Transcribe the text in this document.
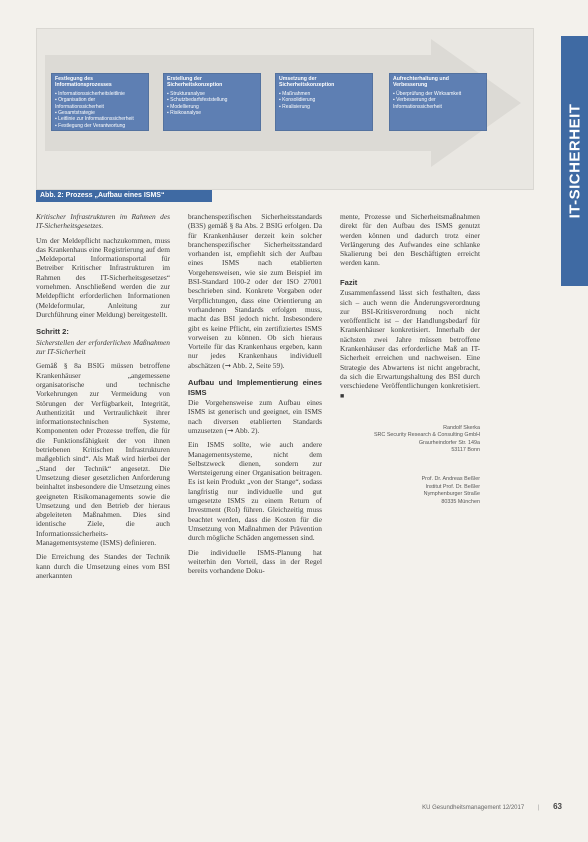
Festlegung des Informationsprozesses
▪ Informationssicherheitsleitlinie
▪ Organisation der Informationssicherheit
▪ Gesamtstrategie
▪ Leitlinie zur Informationssicherheit
▪ Festlegung der Verantwortung
Erstellung der Sicherheitskonzeption
▪ Strukturanalyse
▪ Schutzbedarfsfeststellung
▪ Modellierung
▪ Risikoanalyse
Umsetzung der Sicherheitskonzeption
▪ Maßnahmen
▪ Konsolidierung
▪ Realisierung
Aufrechterhaltung und Verbesserung
▪ Überprüfung der Wirksamkeit
▪ Verbesserung der Informationssicherheit
Abb. 2: Prozess „Aufbau eines ISMS“	IT-SICHERHEIT

Kritischer Infrastrukturen im Rahmen des IT-Sicherheitsgesetzes.

Um der Meldepflicht nachzukommen, muss das Krankenhaus eine Registrierung auf dem „Meldeportal Informationsportal für Betreiber Kritischer Infrastrukturen im Rahmen des IT-Sicherheitsgesetzes“ vornehmen. Anschließend werden die zur Meldepflicht erforderlichen Informationen (Meldeformular, Anleitung zur Durchführung einer Meldung) bereitgestellt.

Schritt 2:

Sicherstellen der erforderlichen Maßnahmen zur IT-Sicherheit

Gemäß § 8a BSIG müssen betroffene Krankenhäuser „angemessene organisatorische und technische Vorkehrungen zur Vermeidung von Störungen der Verfügbarkeit, Integrität, Authentizität und Vertraulichkeit ihrer informationstechnischen Systeme, Komponenten oder Prozesse treffen, die für die Funktionsfähigkeit der von ihnen betriebenen Kritischen Infrastrukturen maßgeblich sind“. Als Maß wird hierbei der „Stand der Technik“ angesetzt. Die Umsetzung dieser gesetzlichen Anforderung beinhaltet insbesondere die Umsetzung eines geeigneten Risikomanagements sowie die Umsetzung und den Betrieb der hieraus abgeleiteten Maßnahmen. Dies sind identische Ziele, die auch Informationssicherheits-Managementsysteme (ISMS) definieren.

Die Erreichung des Standes der Technik kann durch die Umsetzung eines vom BSI anerkannten

branchenspezifischen Sicherheitsstandards (B3S) gemäß § 8a Abs. 2 BSIG erfolgen. Da für Krankenhäuser derzeit kein solcher branchenspezifischer Sicherheitsstandard vorhanden ist, empfiehlt sich der Aufbau eines ISMS nach etablierten Vorgehensweisen, wie sie zum Beispiel im BSI-Standard 100-2 oder der ISO 27001 beschrieben sind. Konkrete Vorgaben oder Verpflichtungen, dass eine Orientierung an vorhandenen Standards erfolgen muss, macht das BSI jedoch nicht. Insbesondere gibt es keine Pflicht, ein zertifiziertes ISMS vorweisen zu können. Ob sich hieraus Vorteile für das Krankenhaus ergeben, kann nur jedes Krankenhaus individuell abschätzen (➞ Abb. 2, Seite 59).

Aufbau und Implementierung eines ISMS

Die Vorgehensweise zum Aufbau eines ISMS ist generisch und geeignet, ein ISMS nach diversen etablierten Standards umzusetzen (➞ Abb. 2).

Ein ISMS sollte, wie auch andere Managementsysteme, nicht dem Selbstzweck dienen, sondern zur Wertsteigerung einer Organisation beitragen. Es ist kein Produkt „von der Stange“, sodass langfristig nur individuelle und gut umgesetzte ISMS zu einem Return of Investment (RoI) führen. Gleichzeitig muss beachtet werden, dass die Kosten für die Umsetzung von Maßnahmen der Prävention durch mögliche Schäden angemessen sind.

Die individuelle ISMS-Planung hat weiterhin den Vorteil, dass in der Regel bereits vorhandene Doku-

mente, Prozesse und Sicherheitsmaßnahmen direkt für den Aufbau des ISMS genutzt werden können und dadurch trotz einer Verlängerung des Aufwandes eine schlanke Skalierung bei den Beschäftigten erreicht werden kann.

Fazit

Zusammenfassend lässt sich festhalten, dass sich – auch wenn die Änderungsverordnung zur BSI-Kritisverordnung noch nicht veröffentlicht ist – der Handlungsbedarf für Krankenhäuser konkretisiert. Innerhalb der nächsten zwei Jahre müssen betroffene Krankenhäuser das erforderliche Maß an IT-Sicherheit erreichen und nachweisen. Eine Strategie des Abwartens ist nicht angebracht, da sich die Erwartungshaltung des BSI durch verschiedene Veröffentlichungen konkretisiert. ■

Randolf Skerka
SRC Security Research & Consulting GmbH
Graurheindorfer Str. 149a
53117 Bonn
Prof. Dr. Andreas Beßler
Institut Prof. Dr. Beßler
Nymphenburger Straße
80335 München
KU Gesundheitsmanagement 12/2017 | 63
